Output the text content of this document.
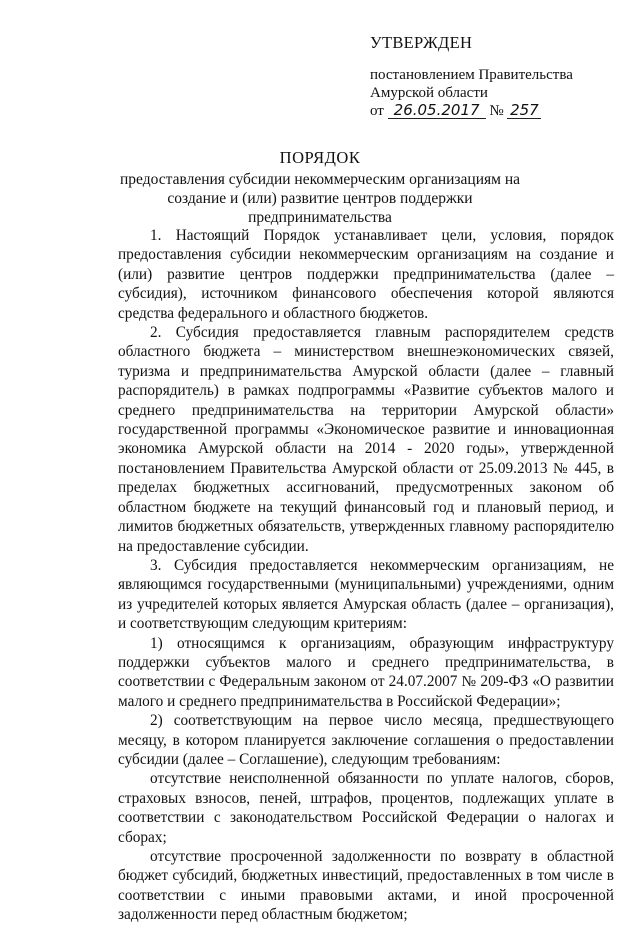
УТВЕРЖДЕН
постановлением Правительства
Амурской области
от 26.05.2017 № 257
ПОРЯДОК
предоставления субсидии некоммерческим организациям на создание и (или) развитие центров поддержки предпринимательства

1. Настоящий Порядок устанавливает цели, условия, порядок предоставления субсидии некоммерческим организациям на создание и (или) развитие центров поддержки предпринимательства (далее – субсидия), источником финансового обеспечения которой являются средства федерального и областного бюджетов.

2. Субсидия предоставляется главным распорядителем средств областного бюджета – министерством внешнеэкономических связей, туризма и предпринимательства Амурской области (далее – главный распорядитель) в рамках подпрограммы «Развитие субъектов малого и среднего предпринимательства на территории Амурской области» государственной программы «Экономическое развитие и инновационная экономика Амурской области на 2014 - 2020 годы», утвержденной постановлением Правительства Амурской области от 25.09.2013 № 445, в пределах бюджетных ассигнований, предусмотренных законом об областном бюджете на текущий финансовый год и плановый период, и лимитов бюджетных обязательств, утвержденных главному распорядителю на предоставление субсидии.

3. Субсидия предоставляется некоммерческим организациям, не являющимся государственными (муниципальными) учреждениями, одним из учредителей которых является Амурская область (далее – организация), и соответствующим следующим критериям:

1) относящимся к организациям, образующим инфраструктуру поддержки субъектов малого и среднего предпринимательства, в соответствии с Федеральным законом от 24.07.2007 № 209-ФЗ «О развитии малого и среднего предпринимательства в Российской Федерации»;

2) соответствующим на первое число месяца, предшествующего месяцу, в котором планируется заключение соглашения о предоставлении субсидии (далее – Соглашение), следующим требованиям:

отсутствие неисполненной обязанности по уплате налогов, сборов, страховых взносов, пеней, штрафов, процентов, подлежащих уплате в соответствии с законодательством Российской Федерации о налогах и сборах;

отсутствие просроченной задолженности по возврату в областной бюджет субсидий, бюджетных инвестиций, предоставленных в том числе в соответствии с иными правовыми актами, и иной просроченной задолженности перед областным бюджетом;
